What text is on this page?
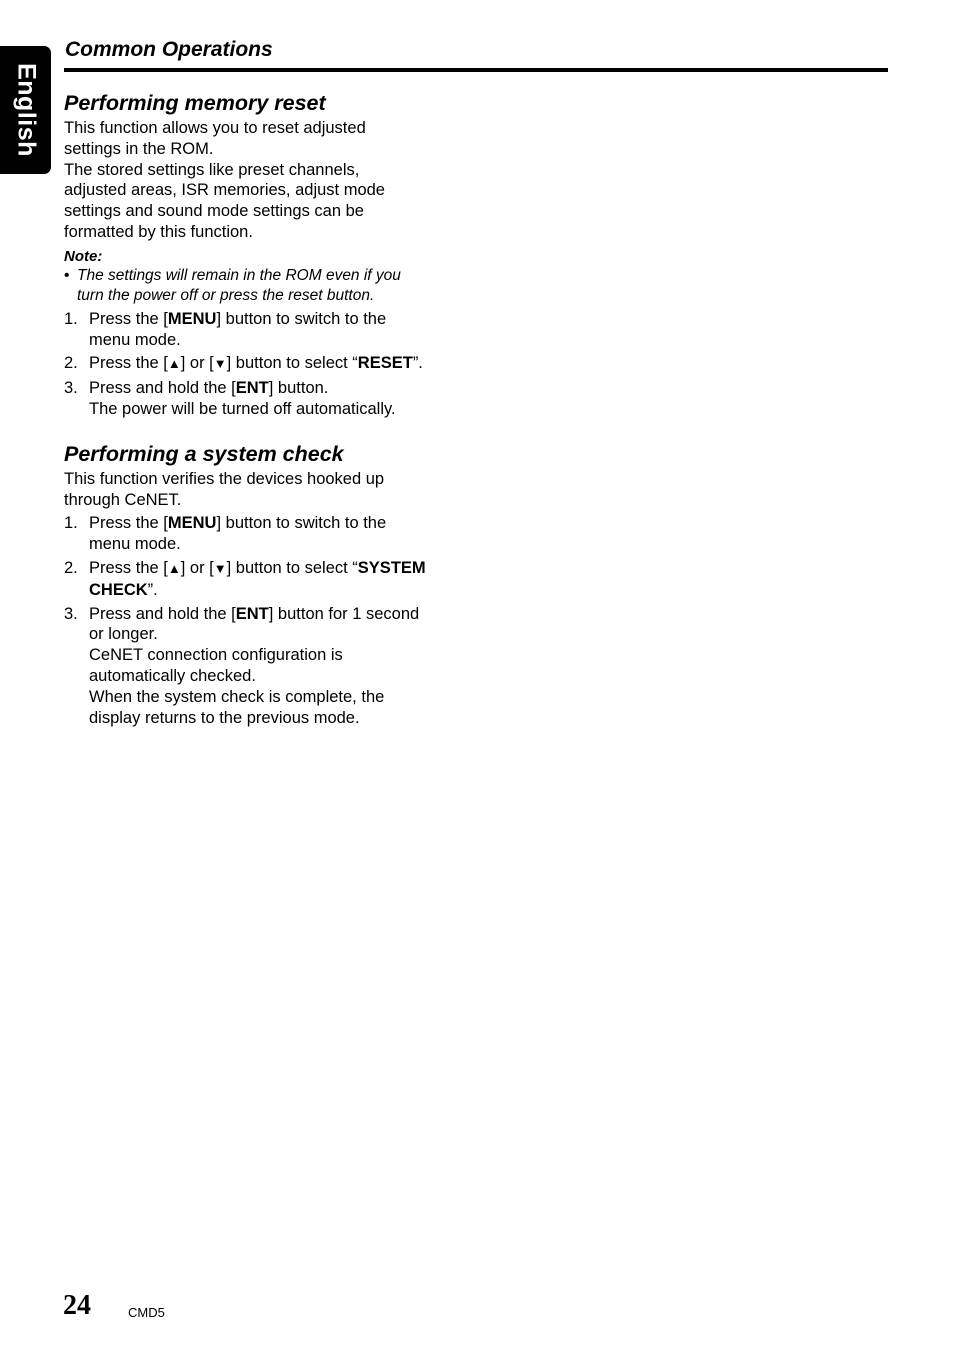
English
Common Operations
Performing memory reset

This function allows you to reset adjusted

settings in the ROM.

The stored settings like preset channels,

adjusted areas, ISR memories, adjust mode

settings and sound mode settings can be

formatted by this function.

Note:

• The settings will remain in the ROM even if you

turn the power off or press the reset button.

1. Press the [MENU] button to switch to the

menu mode.

2. Press the [▲] or [▼] button to select “RESET”.

3. Press and hold the [ENT] button.

The power will be turned off automatically.

Performing a system check

This function verifies the devices hooked up

through CeNET.

1. Press the [MENU] button to switch to the

menu mode.

2. Press the [▲] or [▼] button to select “SYSTEM

CHECK”.

3. Press and hold the [ENT] button for 1 second

or longer.

CeNET connection configuration is

automatically checked.

When the system check is complete, the

display returns to the previous mode.

24	CMD5
